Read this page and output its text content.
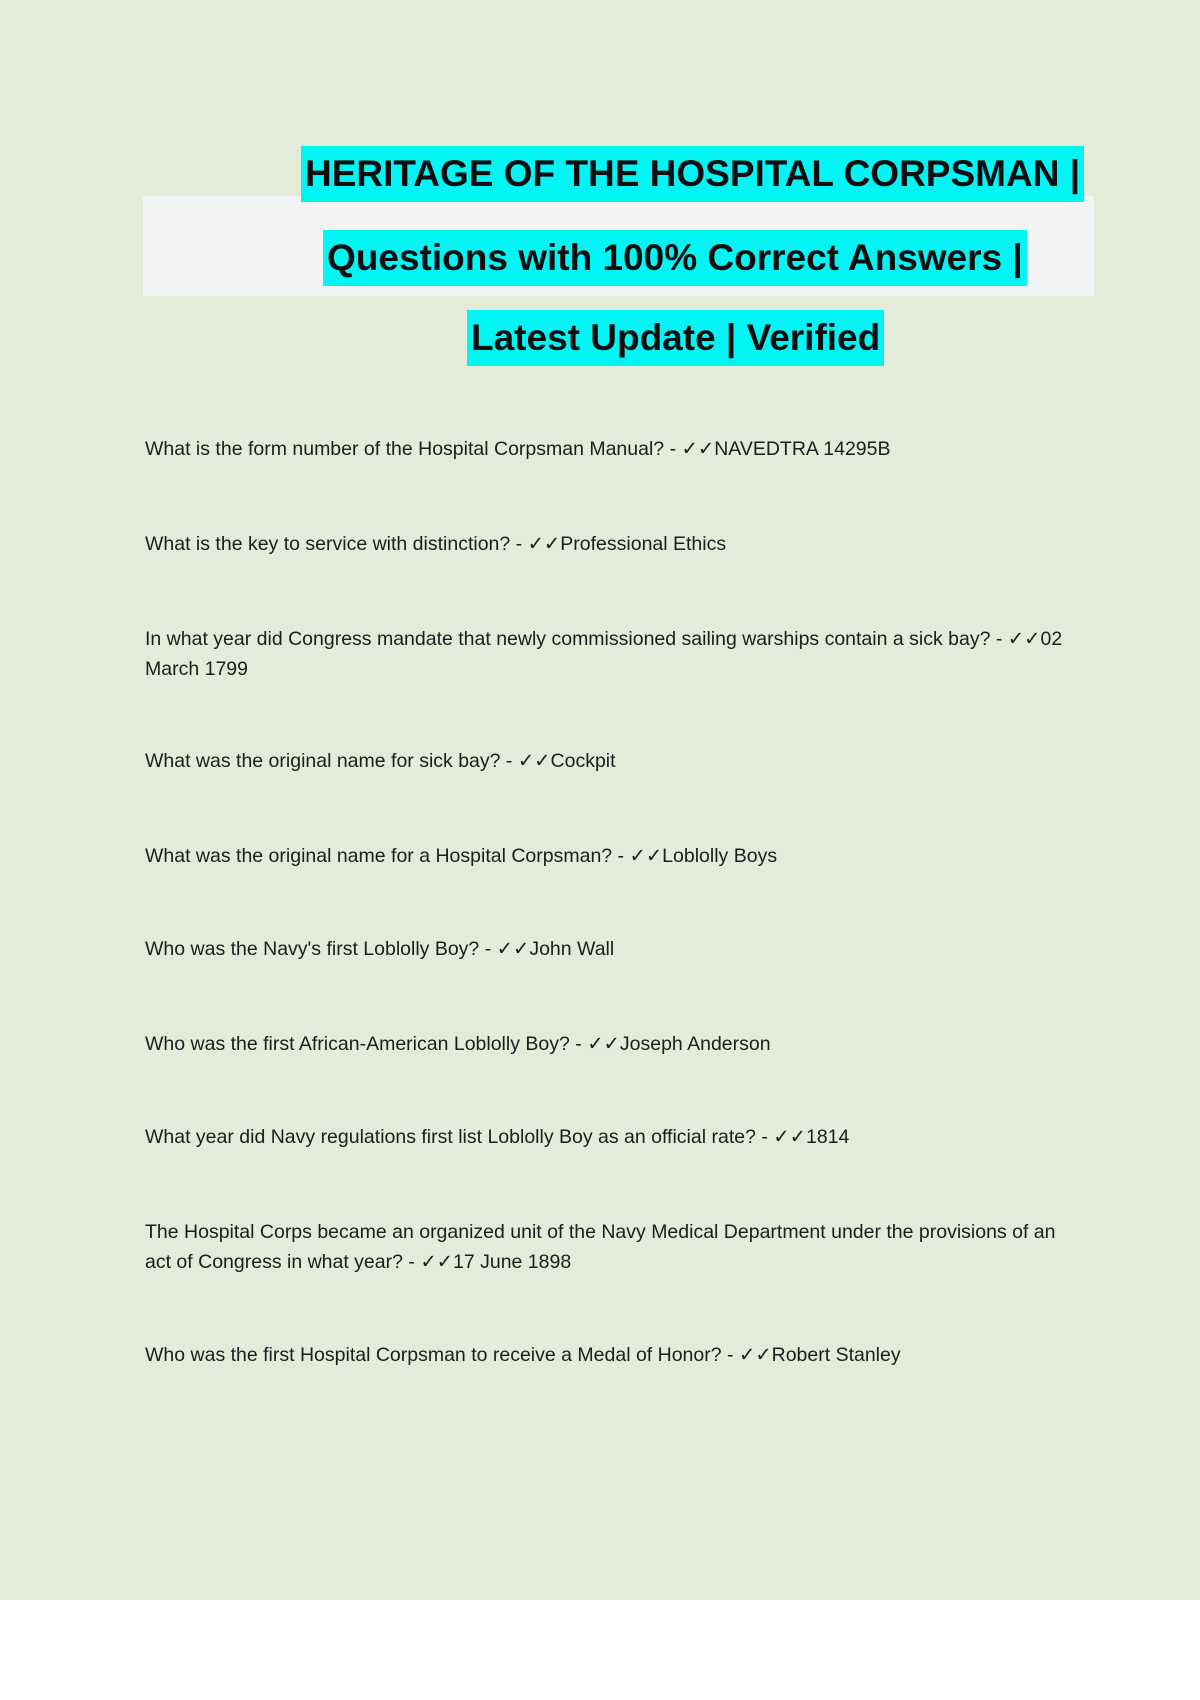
HERITAGE OF THE HOSPITAL CORPSMAN |
Questions with 100% Correct Answers |
Latest Update | Verified
What is the form number of the Hospital Corpsman Manual? - ✓✓NAVEDTRA 14295B
What is the key to service with distinction? - ✓✓Professional Ethics
In what year did Congress mandate that newly commissioned sailing warships contain a sick bay? - ✓✓02 March 1799
What was the original name for sick bay? - ✓✓Cockpit
What was the original name for a Hospital Corpsman? - ✓✓Loblolly Boys
Who was the Navy's first Loblolly Boy? - ✓✓John Wall
Who was the first African-American Loblolly Boy? - ✓✓Joseph Anderson
What year did Navy regulations first list Loblolly Boy as an official rate? - ✓✓1814
The Hospital Corps became an organized unit of the Navy Medical Department under the provisions of an act of Congress in what year? - ✓✓17 June 1898
Who was the first Hospital Corpsman to receive a Medal of Honor? - ✓✓Robert Stanley
